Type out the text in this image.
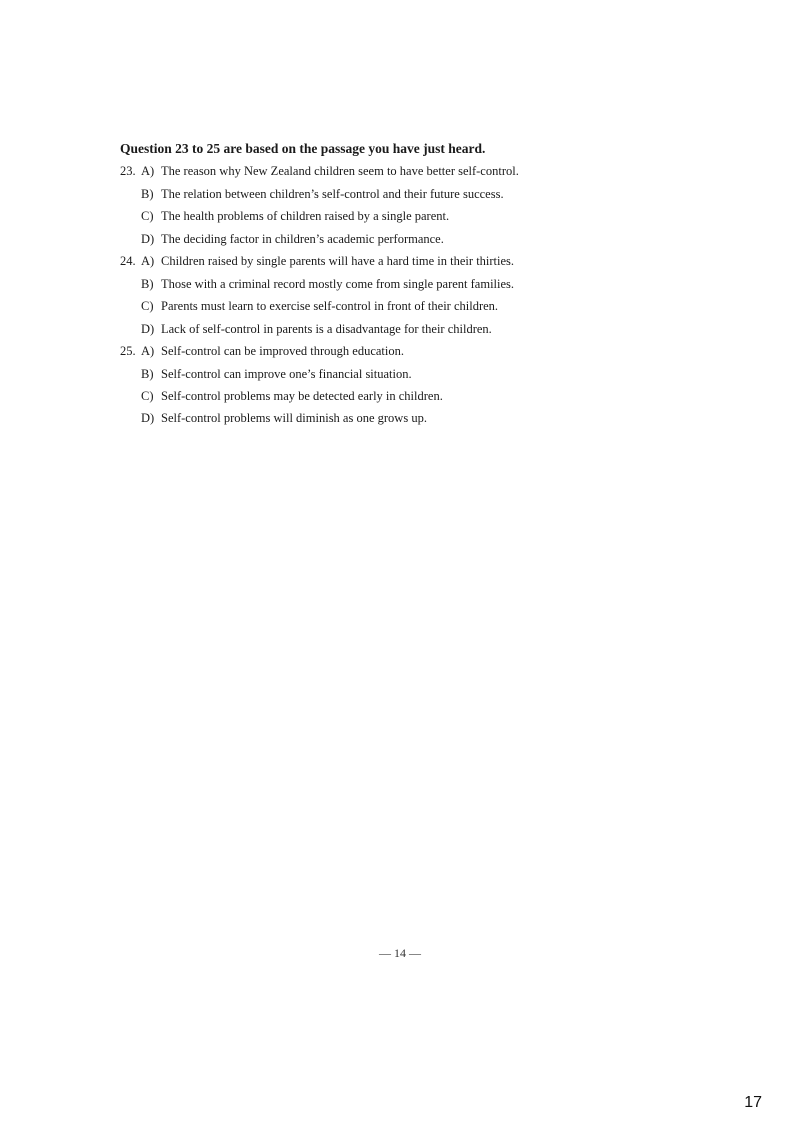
Question 23 to 25 are based on the passage you have just heard.
23. A) The reason why New Zealand children seem to have better self-control.
B) The relation between children’s self-control and their future success.
C) The health problems of children raised by a single parent.
D) The deciding factor in children’s academic performance.
24. A) Children raised by single parents will have a hard time in their thirties.
B) Those with a criminal record mostly come from single parent families.
C) Parents must learn to exercise self-control in front of their children.
D) Lack of self-control in parents is a disadvantage for their children.
25. A) Self-control can be improved through education.
B) Self-control can improve one’s financial situation.
C) Self-control problems may be detected early in children.
D) Self-control problems will diminish as one grows up.
— 14 —
17
